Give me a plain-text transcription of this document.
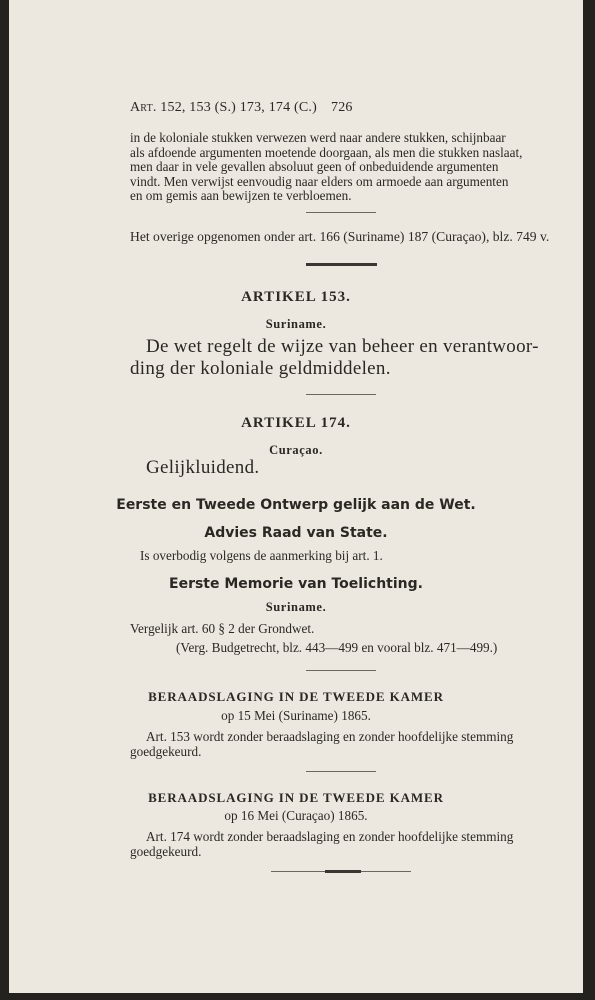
Art. 152, 153 (S.) 173, 174 (C.) 726
in de koloniale stukken verwezen werd naar andere stukken, schijnbaar
als afdoende argumenten moetende doorgaan, als men die stukken naslaat,
men daar in vele gevallen absoluut geen of onbeduidende argumenten
vindt. Men verwijst eenvoudig naar elders om armoede aan argumenten
en om gemis aan bewijzen te verbloemen.
Het overige opgenomen onder art. 166 (Suriname) 187 (Curaçao), blz. 749 v.
ARTIKEL 153.
Suriname.
De wet regelt de wijze van beheer en verantwoor-
ding der koloniale geldmiddelen.
ARTIKEL 174.
Curaçao.
Gelijkluidend.
Eerste en Tweede Ontwerp gelijk aan de Wet.
Advies Raad van State.
Is overbodig volgens de aanmerking bij art. 1.
Eerste Memorie van Toelichting.
Suriname.
Vergelijk art. 60 § 2 der Grondwet.
(Verg. Budgetrecht, blz. 443—499 en vooral blz. 471—499.)
BERAADSLAGING IN DE TWEEDE KAMER
op 15 Mei (Suriname) 1865.
Art. 153 wordt zonder beraadslaging en zonder hoofdelijke stemming
goedgekeurd.
BERAADSLAGING IN DE TWEEDE KAMER
op 16 Mei (Curaçao) 1865.
Art. 174 wordt zonder beraadslaging en zonder hoofdelijke stemming
goedgekeurd.
